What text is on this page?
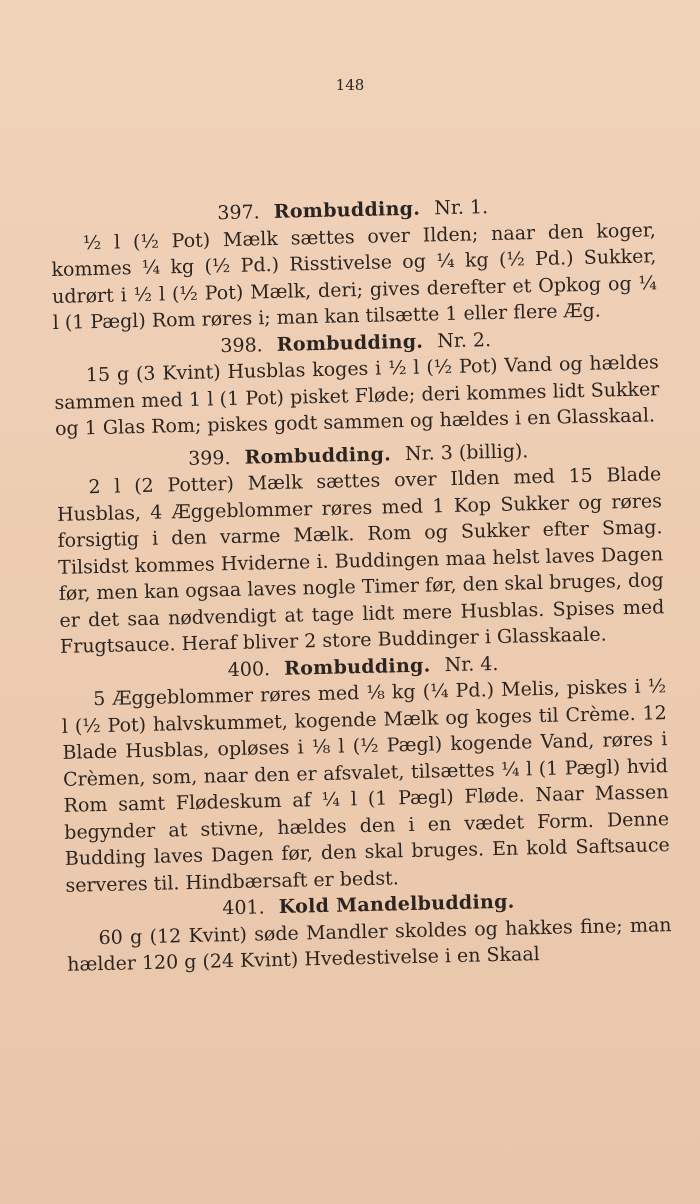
148

397. Rombudding. Nr. 1.

½ l (½ Pot) Mælk sættes over Ilden; naar den koger, kommes ¼ kg (½ Pd.) Risstivelse og ¼ kg (½ Pd.) Sukker, udrørt i ½ l (½ Pot) Mælk, deri; gives derefter et Opkog og ¼ l (1 Pægl) Rom røres i; man kan tilsætte 1 eller flere Æg.

398. Rombudding. Nr. 2.

15 g (3 Kvint) Husblas koges i ½ l (½ Pot) Vand og hældes sammen med 1 l (1 Pot) pisket Fløde; deri kommes lidt Sukker og 1 Glas Rom; piskes godt sammen og hældes i en Glasskaal.

399. Rombudding. Nr. 3 (billig).

2 l (2 Potter) Mælk sættes over Ilden med 15 Blade Husblas, 4 Æggeblommer røres med 1 Kop Sukker og røres forsigtig i den varme Mælk. Rom og Sukker efter Smag. Tilsidst kommes Hviderne i. Buddingen maa helst laves Dagen før, men kan ogsaa laves nogle Timer før, den skal bruges, dog er det saa nødvendigt at tage lidt mere Husblas. Spises med Frugtsauce. Heraf bliver 2 store Buddinger i Glasskaale.

400. Rombudding. Nr. 4.

5 Æggeblommer røres med ⅛ kg (¼ Pd.) Melis, piskes i ½ l (½ Pot) halvskummet, kogende Mælk og koges til Crème. 12 Blade Husblas, opløses i ⅛ l (½ Pægl) kogende Vand, røres i Crèmen, som, naar den er afsvalet, tilsættes ¼ l (1 Pægl) hvid Rom samt Flødeskum af ¼ l (1 Pægl) Fløde. Naar Massen begynder at stivne, hældes den i en vædet Form. Denne Budding laves Dagen før, den skal bruges. En kold Saftsauce serveres til. Hindbærsaft er bedst.

401. Kold Mandelbudding.

60 g (12 Kvint) søde Mandler skoldes og hakkes fine; man hælder 120 g (24 Kvint) Hvedestivelse i en Skaal
